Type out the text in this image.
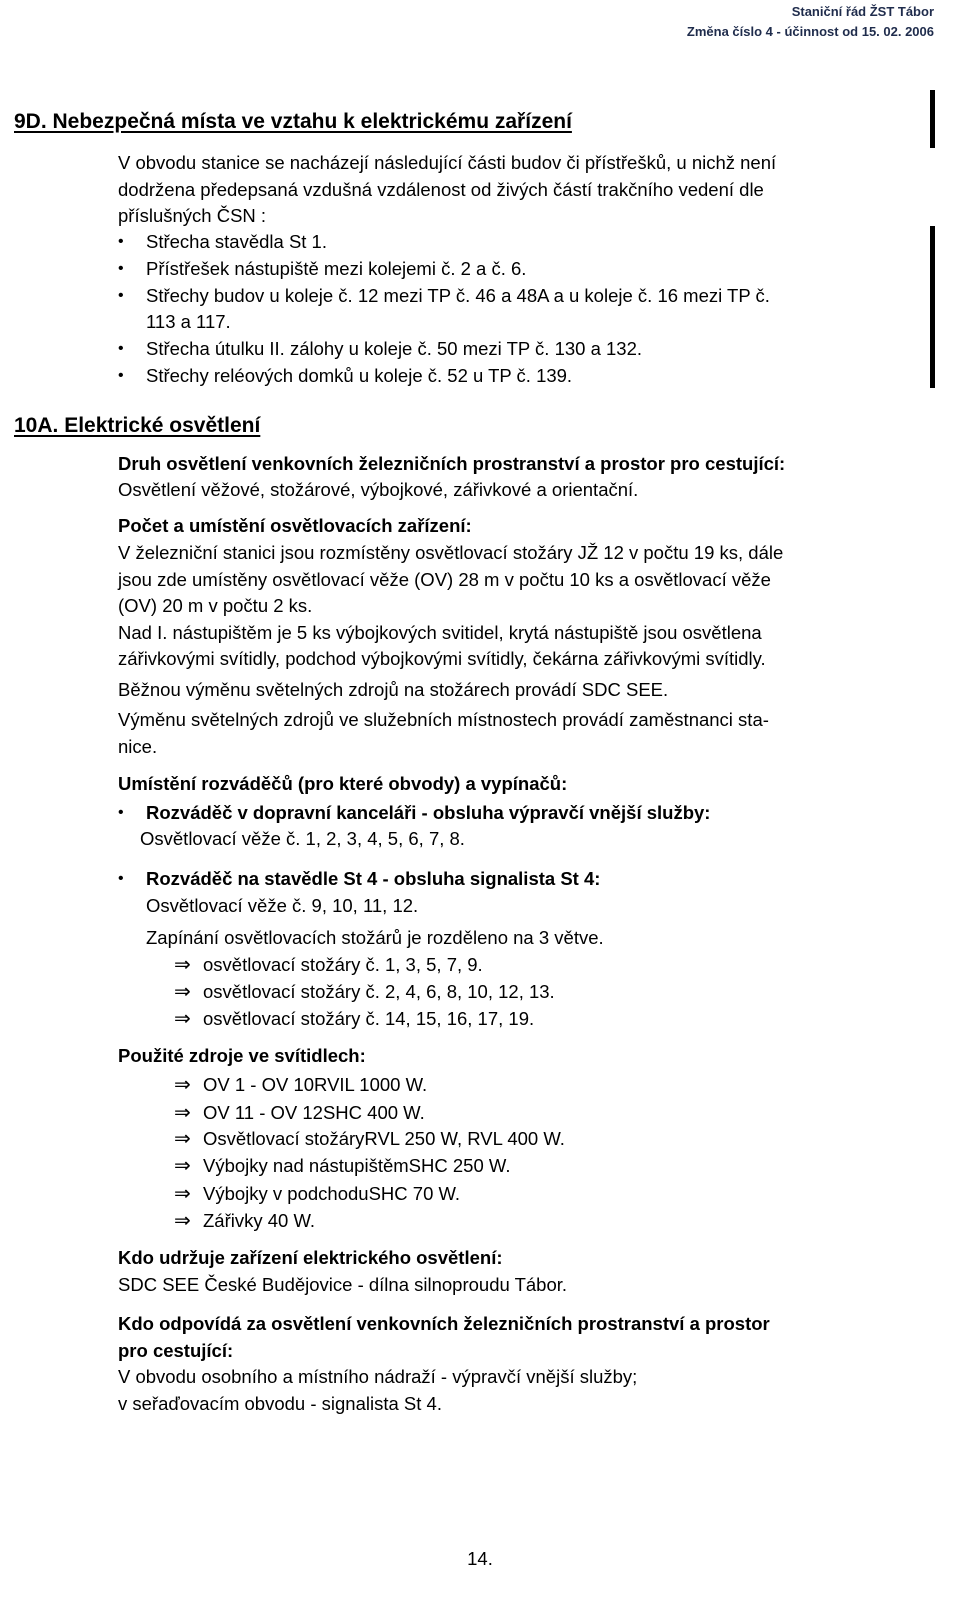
Staniční řád ŽST Tábor
Změna číslo 4 - účinnost od 15. 02. 2006
9D. Nebezpečná místa ve vztahu k elektrickému zařízení
V obvodu stanice se nacházejí následující části budov či přístřešků, u nichž není
dodržena předepsaná vzdušná vzdálenost od živých částí trakčního vedení dle
příslušných ČSN :
• Střecha stavědla St 1.
• Přístřešek nástupiště mezi kolejemi č. 2 a č. 6.
• Střechy budov u koleje č. 12 mezi TP č. 46 a 48A a u koleje č. 16 mezi TP č.
113 a 117.
• Střecha útulku II. zálohy u koleje č. 50 mezi TP č. 130 a 132.
• Střechy reléových domků u koleje č. 52 u TP č. 139.
10A. Elektrické osvětlení
Druh osvětlení venkovních železničních prostranství a prostor pro cestující:
Osvětlení věžové, stožárové, výbojkové, zářivkové a orientační.
Počet a umístění osvětlovacích zařízení:
V železniční stanici jsou rozmístěny osvětlovací stožáry JŽ 12 v počtu 19 ks, dále
jsou zde umístěny osvětlovací věže (OV) 28 m v počtu 10 ks a osvětlovací věže
(OV) 20 m v počtu 2 ks.
Nad I. nástupištěm je 5 ks výbojkových svitidel, krytá nástupiště jsou osvětlena
zářivkovými svítidly, podchod výbojkovými svítidly, čekárna zářivkovými svítidly.
Běžnou výměnu světelných zdrojů na stožárech provádí SDC SEE.
Výměnu světelných zdrojů ve služebních místnostech provádí zaměstnanci sta-
nice.
Umístění rozváděčů (pro které obvody) a vypínačů:
• Rozváděč v dopravní kanceláři - obsluha výpravčí vnější služby:
Osvětlovací věže č. 1, 2, 3, 4, 5, 6, 7, 8.
• Rozváděč na stavědle St 4 - obsluha signalista St 4:
Osvětlovací věže č. 9, 10, 11, 12.
Zapínání osvětlovacích stožárů je rozděleno na 3 větve.
⇒ osvětlovací stožáry č. 1, 3, 5, 7, 9.
⇒ osvětlovací stožáry č. 2, 4, 6, 8, 10, 12, 13.
⇒ osvětlovací stožáry č. 14, 15, 16, 17, 19.
Použité zdroje ve svítidlech:
⇒ OV 1 - OV 10RVIL 1000 W.
⇒ OV 11 - OV 12SHC 400 W.
⇒ Osvětlovací stožáryRVL 250 W, RVL 400 W.
⇒ Výbojky nad nástupištěmSHC 250 W.
⇒ Výbojky v podchoduSHC 70 W.
⇒ Zářivky 40 W.
Kdo udržuje zařízení elektrického osvětlení:
SDC SEE České Budějovice - dílna silnoproudu Tábor.
Kdo odpovídá za osvětlení venkovních železničních prostranství a prostor
pro cestující:
V obvodu osobního a místního nádraží - výpravčí vnější služby;
v seřaďovacím obvodu - signalista St 4.
14.
